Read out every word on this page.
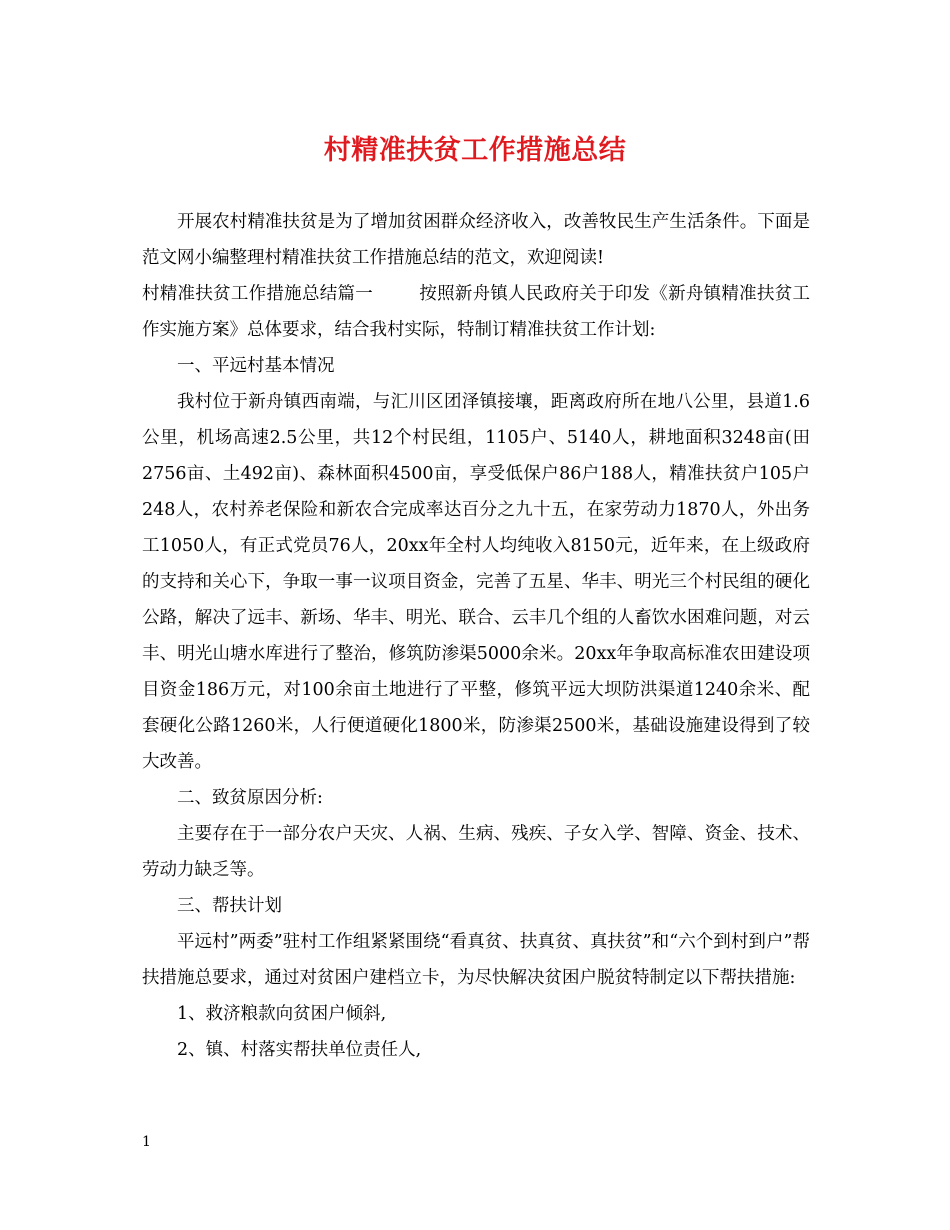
村精准扶贫工作措施总结

开展农村精准扶贫是为了增加贫困群众经济收入，改善牧民生产生活条件。下面是范文网小编整理村精准扶贫工作措施总结的范文，欢迎阅读!

村精准扶贫工作措施总结篇一	按照新舟镇人民政府关于印发《新舟镇精准扶贫工作实施方案》总体要求，结合我村实际，特制订精准扶贫工作计划:

一、平远村基本情况

我村位于新舟镇西南端，与汇川区团泽镇接壤，距离政府所在地八公里，县道1.6公里，机场高速2.5公里，共12个村民组，1105户、5140人，耕地面积3248亩(田2756亩、土492亩)、森林面积4500亩，享受低保户86户188人，精准扶贫户105户248人，农村养老保险和新农合完成率达百分之九十五，在家劳动力1870人，外出务工1050人，有正式党员76人，20xx年全村人均纯收入8150元，近年来，在上级政府的支持和关心下，争取一事一议项目资金，完善了五星、华丰、明光三个村民组的硬化公路，解决了远丰、新场、华丰、明光、联合、云丰几个组的人畜饮水困难问题，对云丰、明光山塘水库进行了整治，修筑防渗渠5000余米。20xx年争取高标准农田建设项目资金186万元，对100余亩土地进行了平整，修筑平远大坝防洪渠道1240余米、配套硬化公路1260米，人行便道硬化1800米，防渗渠2500米，基础设施建设得到了较大改善。

二、致贫原因分析:

主要存在于一部分农户天灾、人祸、生病、残疾、子女入学、智障、资金、技术、劳动力缺乏等。

三、帮扶计划

平远村”两委”驻村工作组紧紧围绕“看真贫、扶真贫、真扶贫”和“六个到村到户”帮扶措施总要求，通过对贫困户建档立卡，为尽快解决贫困户脱贫特制定以下帮扶措施:

1、救济粮款向贫困户倾斜,

2、镇、村落实帮扶单位责任人,

1
